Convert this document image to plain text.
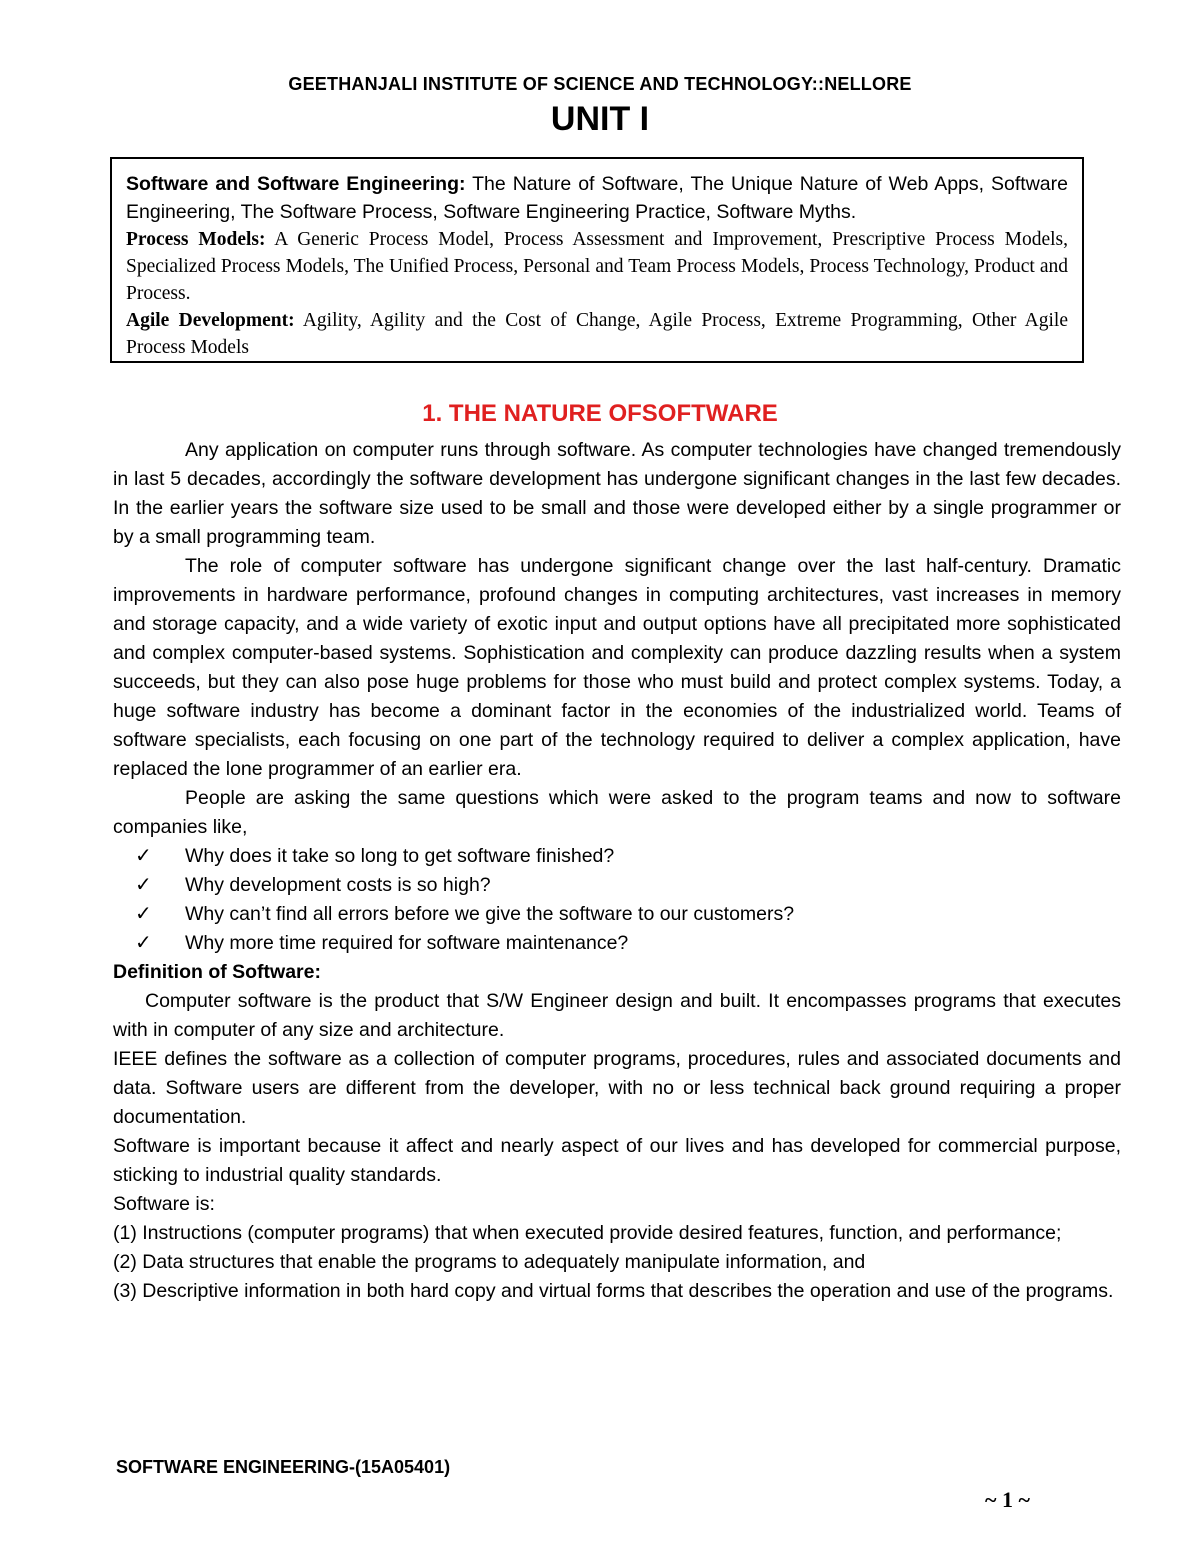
GEETHANJALI INSTITUTE OF SCIENCE AND TECHNOLOGY::NELLORE
UNIT I

Software and Software Engineering: The Nature of Software, The Unique Nature of Web Apps, Software Engineering, The Software Process, Software Engineering Practice, Software Myths.

Process Models: A Generic Process Model, Process Assessment and Improvement, Prescriptive Process Models, Specialized Process Models, The Unified Process, Personal and Team Process Models, Process Technology, Product and Process.

Agile Development: Agility, Agility and the Cost of Change, Agile Process, Extreme Programming, Other Agile Process Models

1. THE NATURE OFSOFTWARE

Any application on computer runs through software. As computer technologies have changed tremendously in last 5 decades, accordingly the software development has undergone significant changes in the last few decades. In the earlier years the software size used to be small and those were developed either by a single programmer or by a small programming team.

The role of computer software has undergone significant change over the last half-century. Dramatic improvements in hardware performance, profound changes in computing architectures, vast increases in memory and storage capacity, and a wide variety of exotic input and output options have all precipitated more sophisticated and complex computer-based systems. Sophistication and complexity can produce dazzling results when a system succeeds, but they can also pose huge problems for those who must build and protect complex systems. Today, a huge software industry has become a dominant factor in the economies of the industrialized world. Teams of software specialists, each focusing on one part of the technology required to deliver a complex application, have replaced the lone programmer of an earlier era.

People are asking the same questions which were asked to the program teams and now to software companies like,

✓	Why does it take so long to get software finished?
✓	Why development costs is so high?
✓	Why can’t find all errors before we give the software to our customers?
✓	Why more time required for software maintenance?

Definition of Software:

Computer software is the product that S/W Engineer design and built. It encompasses programs that executes with in computer of any size and architecture.

IEEE defines the software as a collection of computer programs, procedures, rules and associated documents and data. Software users are different from the developer, with no or less technical back ground requiring a proper documentation.

Software is important because it affect and nearly aspect of our lives and has developed for commercial purpose, sticking to industrial quality standards.

Software is:

(1) Instructions (computer programs) that when executed provide desired features, function, and performance;

(2) Data structures that enable the programs to adequately manipulate information, and

(3) Descriptive information in both hard copy and virtual forms that describes the operation and use of the programs.

SOFTWARE ENGINEERING-(15A05401)
~ 1 ~
